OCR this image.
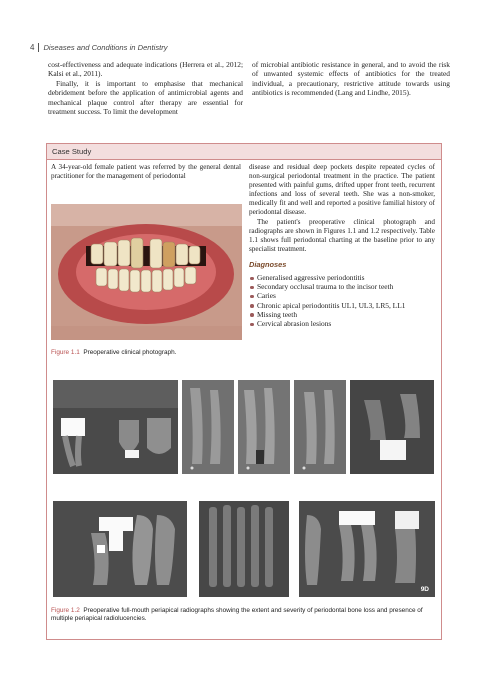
4 Diseases and Conditions in Dentistry

cost-effectiveness and adequate indications (Herrera et al., 2012; Kalsi et al., 2011).

Finally, it is important to emphasise that mechanical debridement before the application of antimicrobial agents and mechanical plaque control after therapy are essential for treatment success. To limit the development

of microbial antibiotic resistance in general, and to avoid the risk of unwanted systemic effects of antibiotics for the treated individual, a precautionary, restrictive attitude towards using antibiotics is recommended (Lang and Lindhe, 2015).

Case Study

A 34-year-old female patient was referred by the general dental practitioner for the management of periodontal

Figure 1.1 Preoperative clinical photograph.

disease and residual deep pockets despite repeated cycles of non-surgical periodontal treatment in the practice. The patient presented with painful gums, drifted upper front teeth, recurrent infections and loss of several teeth. She was a non-smoker, medically fit and well and reported a positive familial history of periodontal disease.

The patient's preoperative clinical photograph and radiographs are shown in Figures 1.1 and 1.2 respectively. Table 1.1 shows full periodontal charting at the baseline prior to any specialist treatment.

Diagnoses
Generalised aggressive periodontitis
Secondary occlusal trauma to the incisor teeth
Caries
Chronic apical periodontitis UL1, UL3, LR5, LL1
Missing teeth
Cervical abrasion lesions
9D
Figure 1.2 Preoperative full-mouth periapical radiographs showing the extent and severity of periodontal bone loss and presence of multiple periapical radiolucencies.
